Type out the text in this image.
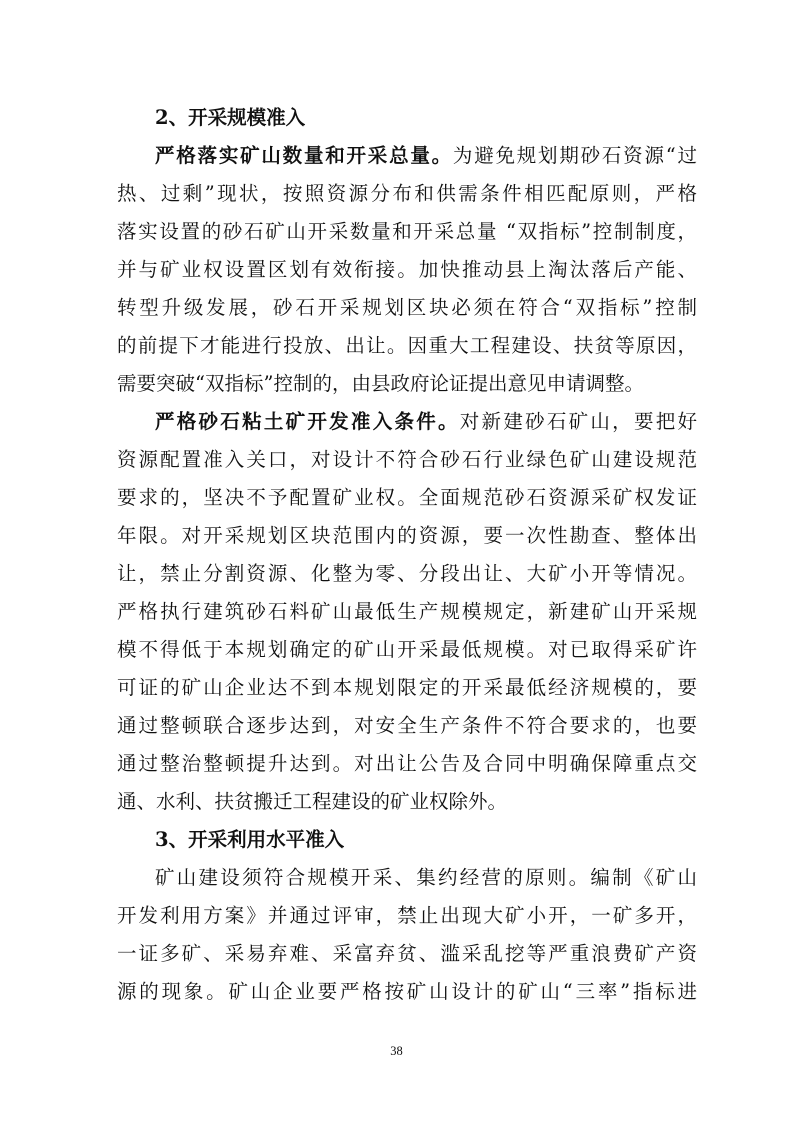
2、开采规模准入
严格落实矿山数量和开采总量。为避免规划期砂石资源“过
热、过剩”现状，按照资源分布和供需条件相匹配原则，严格
落实设置的砂石矿山开采数量和开采总量 “双指标”控制制度，
并与矿业权设置区划有效衔接。加快推动县上淘汰落后产能、
转型升级发展，砂石开采规划区块必须在符合“双指标”控制
的前提下才能进行投放、出让。因重大工程建设、扶贫等原因，
需要突破“双指标”控制的，由县政府论证提出意见申请调整。
严格砂石粘土矿开发准入条件。对新建砂石矿山，要把好
资源配置准入关口，对设计不符合砂石行业绿色矿山建设规范
要求的，坚决不予配置矿业权。全面规范砂石资源采矿权发证
年限。对开采规划区块范围内的资源，要一次性勘查、整体出
让，禁止分割资源、化整为零、分段出让、大矿小开等情况。
严格执行建筑砂石料矿山最低生产规模规定，新建矿山开采规
模不得低于本规划确定的矿山开采最低规模。对已取得采矿许
可证的矿山企业达不到本规划限定的开采最低经济规模的，要
通过整顿联合逐步达到，对安全生产条件不符合要求的，也要
通过整治整顿提升达到。对出让公告及合同中明确保障重点交
通、水利、扶贫搬迁工程建设的矿业权除外。
3、开采利用水平准入
矿山建设须符合规模开采、集约经营的原则。编制《矿山
开发利用方案》并通过评审，禁止出现大矿小开，一矿多开，
一证多矿、采易弃难、采富弃贫、滥采乱挖等严重浪费矿产资
源的现象。矿山企业要严格按矿山设计的矿山“三率”指标进
38
